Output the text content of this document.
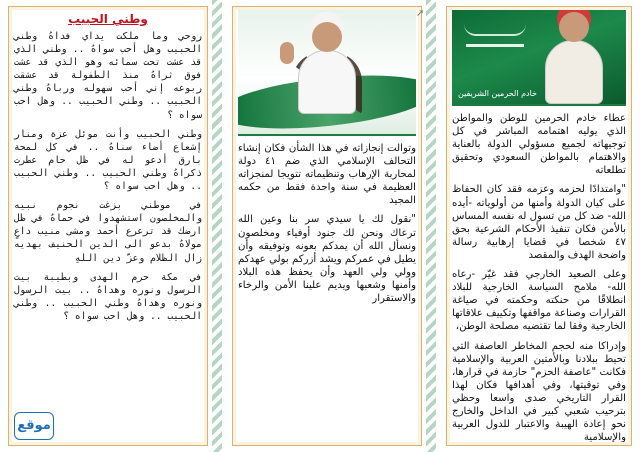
وطني الحبيب

روحي وما ملكت يداي فداهُ وطني الحبيب وهل أحب سواهُ .. وطني الذي قد عشت تحت سمائه وهو الذي قد عشت فوق ثراهُ منذ الطفولة قد عشقت ربوعه إني أحب سهوله ورباهُ وطني الحبيب .. وطني الحبيب .. وهل احب سواه ؟

وطني الحبيب وأنت موئل عزة ومنار إشعاع أضاء سناهُ .. في كل لمحة بارق أدعو له في ظل حام عطرت ذكراهُ وطني الحبيب .. وطني الحبيب .. وهل احب سواه ؟

في موطني بزغت نجوم نبيه والمخلصون استشهدوا في حماهُ في ظل ارضك قد ترعرع أحمد ومشى منيب داعٍ مولاهُ بدعو الى الدين الحنيف بهديه زال الظلام وعزّ دين اللهِ

في مكة حرم الهدى وبطيبة بيت الرسول ونوره وهداهُ .. بيت الرسول ونوره وهداهُ وطني الحبيب .. وطني الحبيب .. وهل احب سواه ؟

وتوالت إنجازاته في هذا الشأن فكان إنشاء التحالف الإسلامي الذي ضم ٤١ دولة لمحاربة الإرهاب وتنظيماته تتويجا لمنجزاته العظيمة في سنة واحدة فقط من حكمه المجيد

"نقول لك يا سيدي سر بنا وعين الله ترعاك ونحن لك جنود أوفياء ومخلصون ونسأل الله أن يمدكم بعونه وتوفيقه وأن يطيل في عمركم ويشد أزركم بولي عهدكم وولي ولي العهد وأن يحفظ هذه البلاد وأمنها وشعبها ويديم علينا الأمن والرخاء والاستقرار

➚
خادم الحرمين الشريفين

عطاء خادم الحرمين للوطن والمواطن الذي يوليه اهتمامه المباشر في كل توجيهاته لجميع مسؤولي الدولة بالعناية والاهتمام بالمواطن السعودي وتحقيق تطلعاته

"وامتدادًا لحزمه وعزمه فقد كان الحفاظ على كيان الدولة وأمنها من أولوياته -أيده الله- ضد كل من تسول له نفسه المساس بالأمن فكان تنفيذ الأحكام الشرعية بحق ٤٧ شخصا في قضايا إرهابية رسالة واضحة الهدف والمقصد

وعلى الصعيد الخارجي فقد غيّر -رعاه الله- ملامح السياسة الخارجية للبلاد انطلاقًا من حنكته وحكمته في صياغة القرارات وصناعة مواقفها وتكييف علاقاتها الخارجية وفقا لما تقتضيه مصلحة الوطن،

وإدراكا منه لحجم المخاطر العاصفة التي تحيط ببلادنا وبالأمتين العربية والإسلامية فكانت "عاصفة الحزم" حازمة في قرارها، وفي توقيتها، وفي أهدافها فكان لهذا القرار التاريخي صدى واسعا وحظي بترحيب شعبي كبير في الداخل والخارج نحو إعادة الهيبة والاعتبار للدول العربية والإسلامية

موقع
